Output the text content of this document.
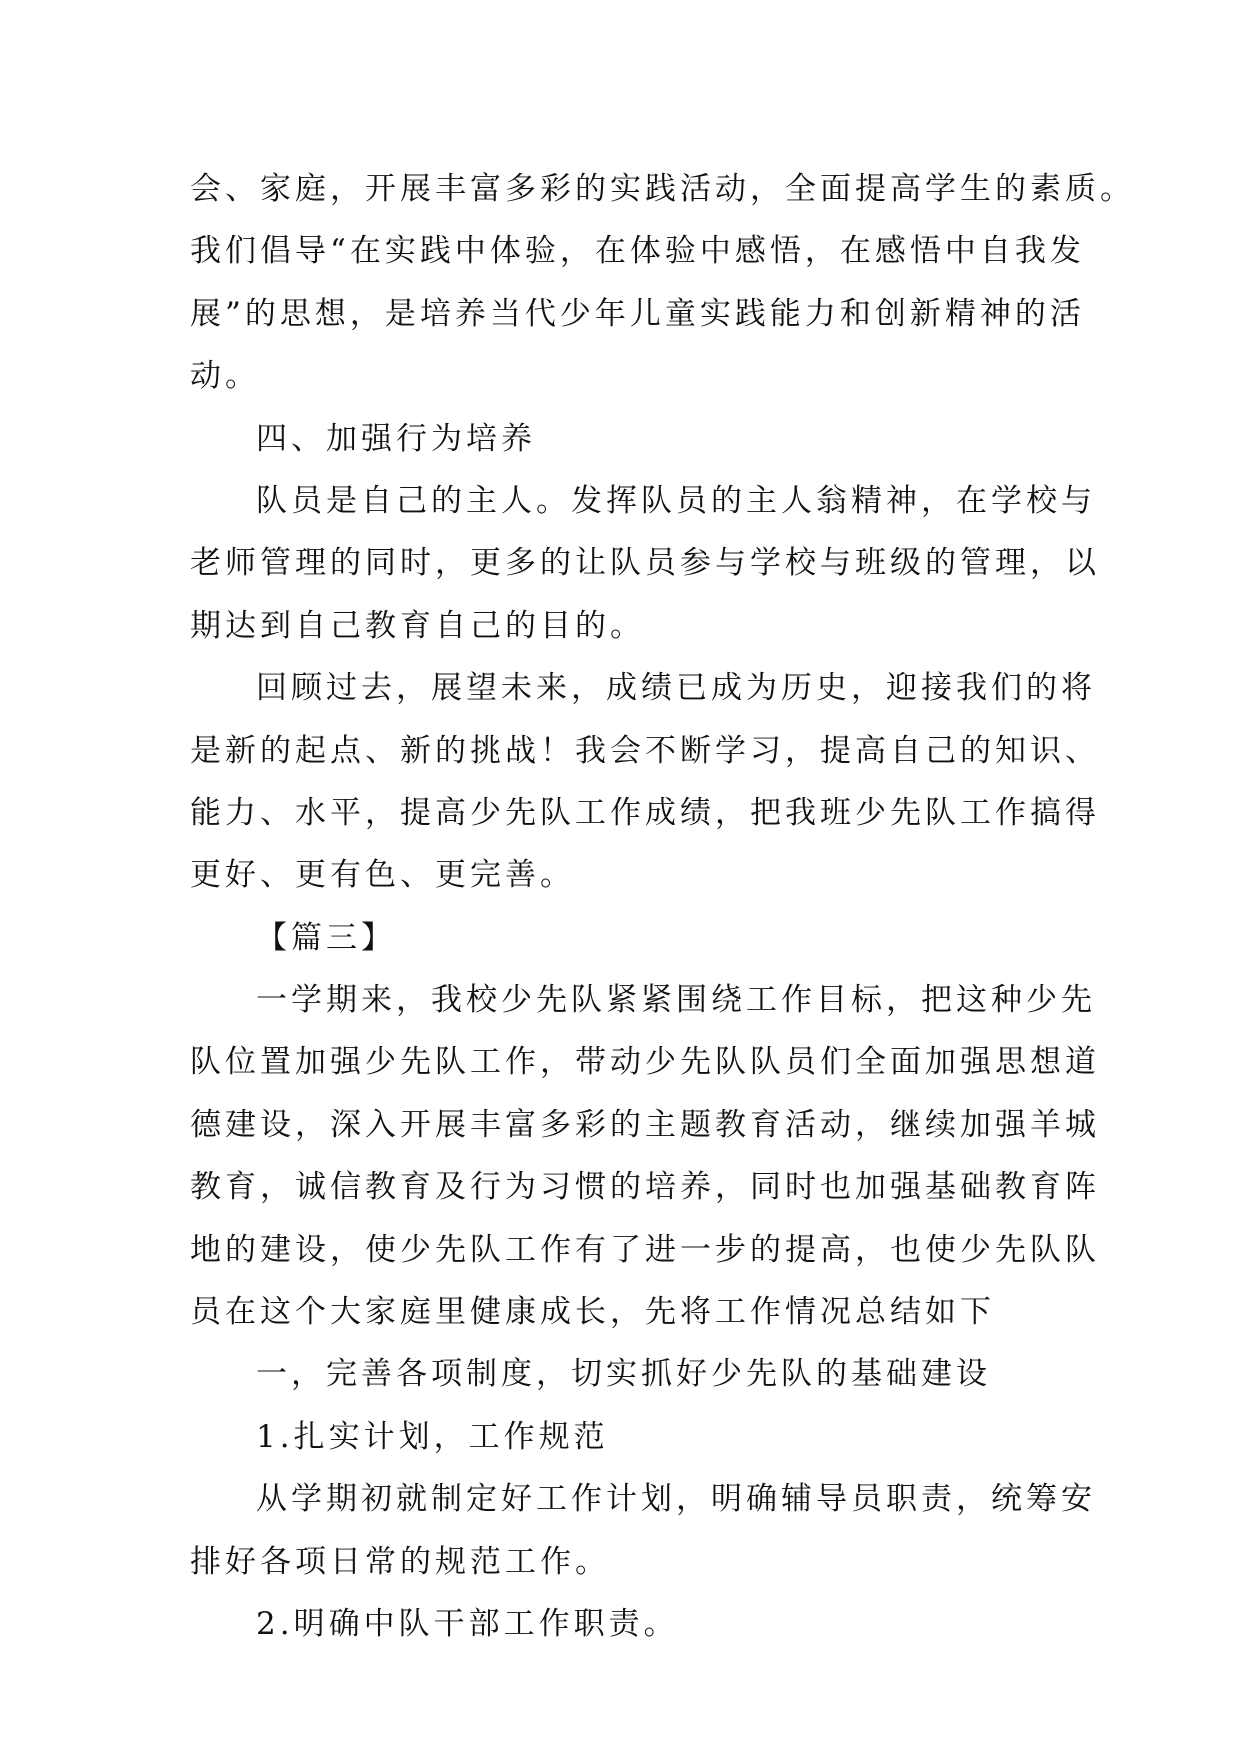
会、家庭，开展丰富多彩的实践活动，全面提高学生的素质。
我们倡导“在实践中体验，在体验中感悟，在感悟中自我发
展”的思想，是培养当代少年儿童实践能力和创新精神的活
动。
四、加强行为培养
队员是自己的主人。发挥队员的主人翁精神，在学校与
老师管理的同时，更多的让队员参与学校与班级的管理，以
期达到自己教育自己的目的。
回顾过去，展望未来，成绩已成为历史，迎接我们的将
是新的起点、新的挑战！我会不断学习，提高自己的知识、
能力、水平，提高少先队工作成绩，把我班少先队工作搞得
更好、更有色、更完善。
【篇三】
一学期来，我校少先队紧紧围绕工作目标，把这种少先
队位置加强少先队工作，带动少先队队员们全面加强思想道
德建设，深入开展丰富多彩的主题教育活动，继续加强羊城
教育，诚信教育及行为习惯的培养，同时也加强基础教育阵
地的建设，使少先队工作有了进一步的提高，也使少先队队
员在这个大家庭里健康成长，先将工作情况总结如下
一，完善各项制度，切实抓好少先队的基础建设
1.扎实计划，工作规范
从学期初就制定好工作计划，明确辅导员职责，统筹安
排好各项日常的规范工作。
2.明确中队干部工作职责。
